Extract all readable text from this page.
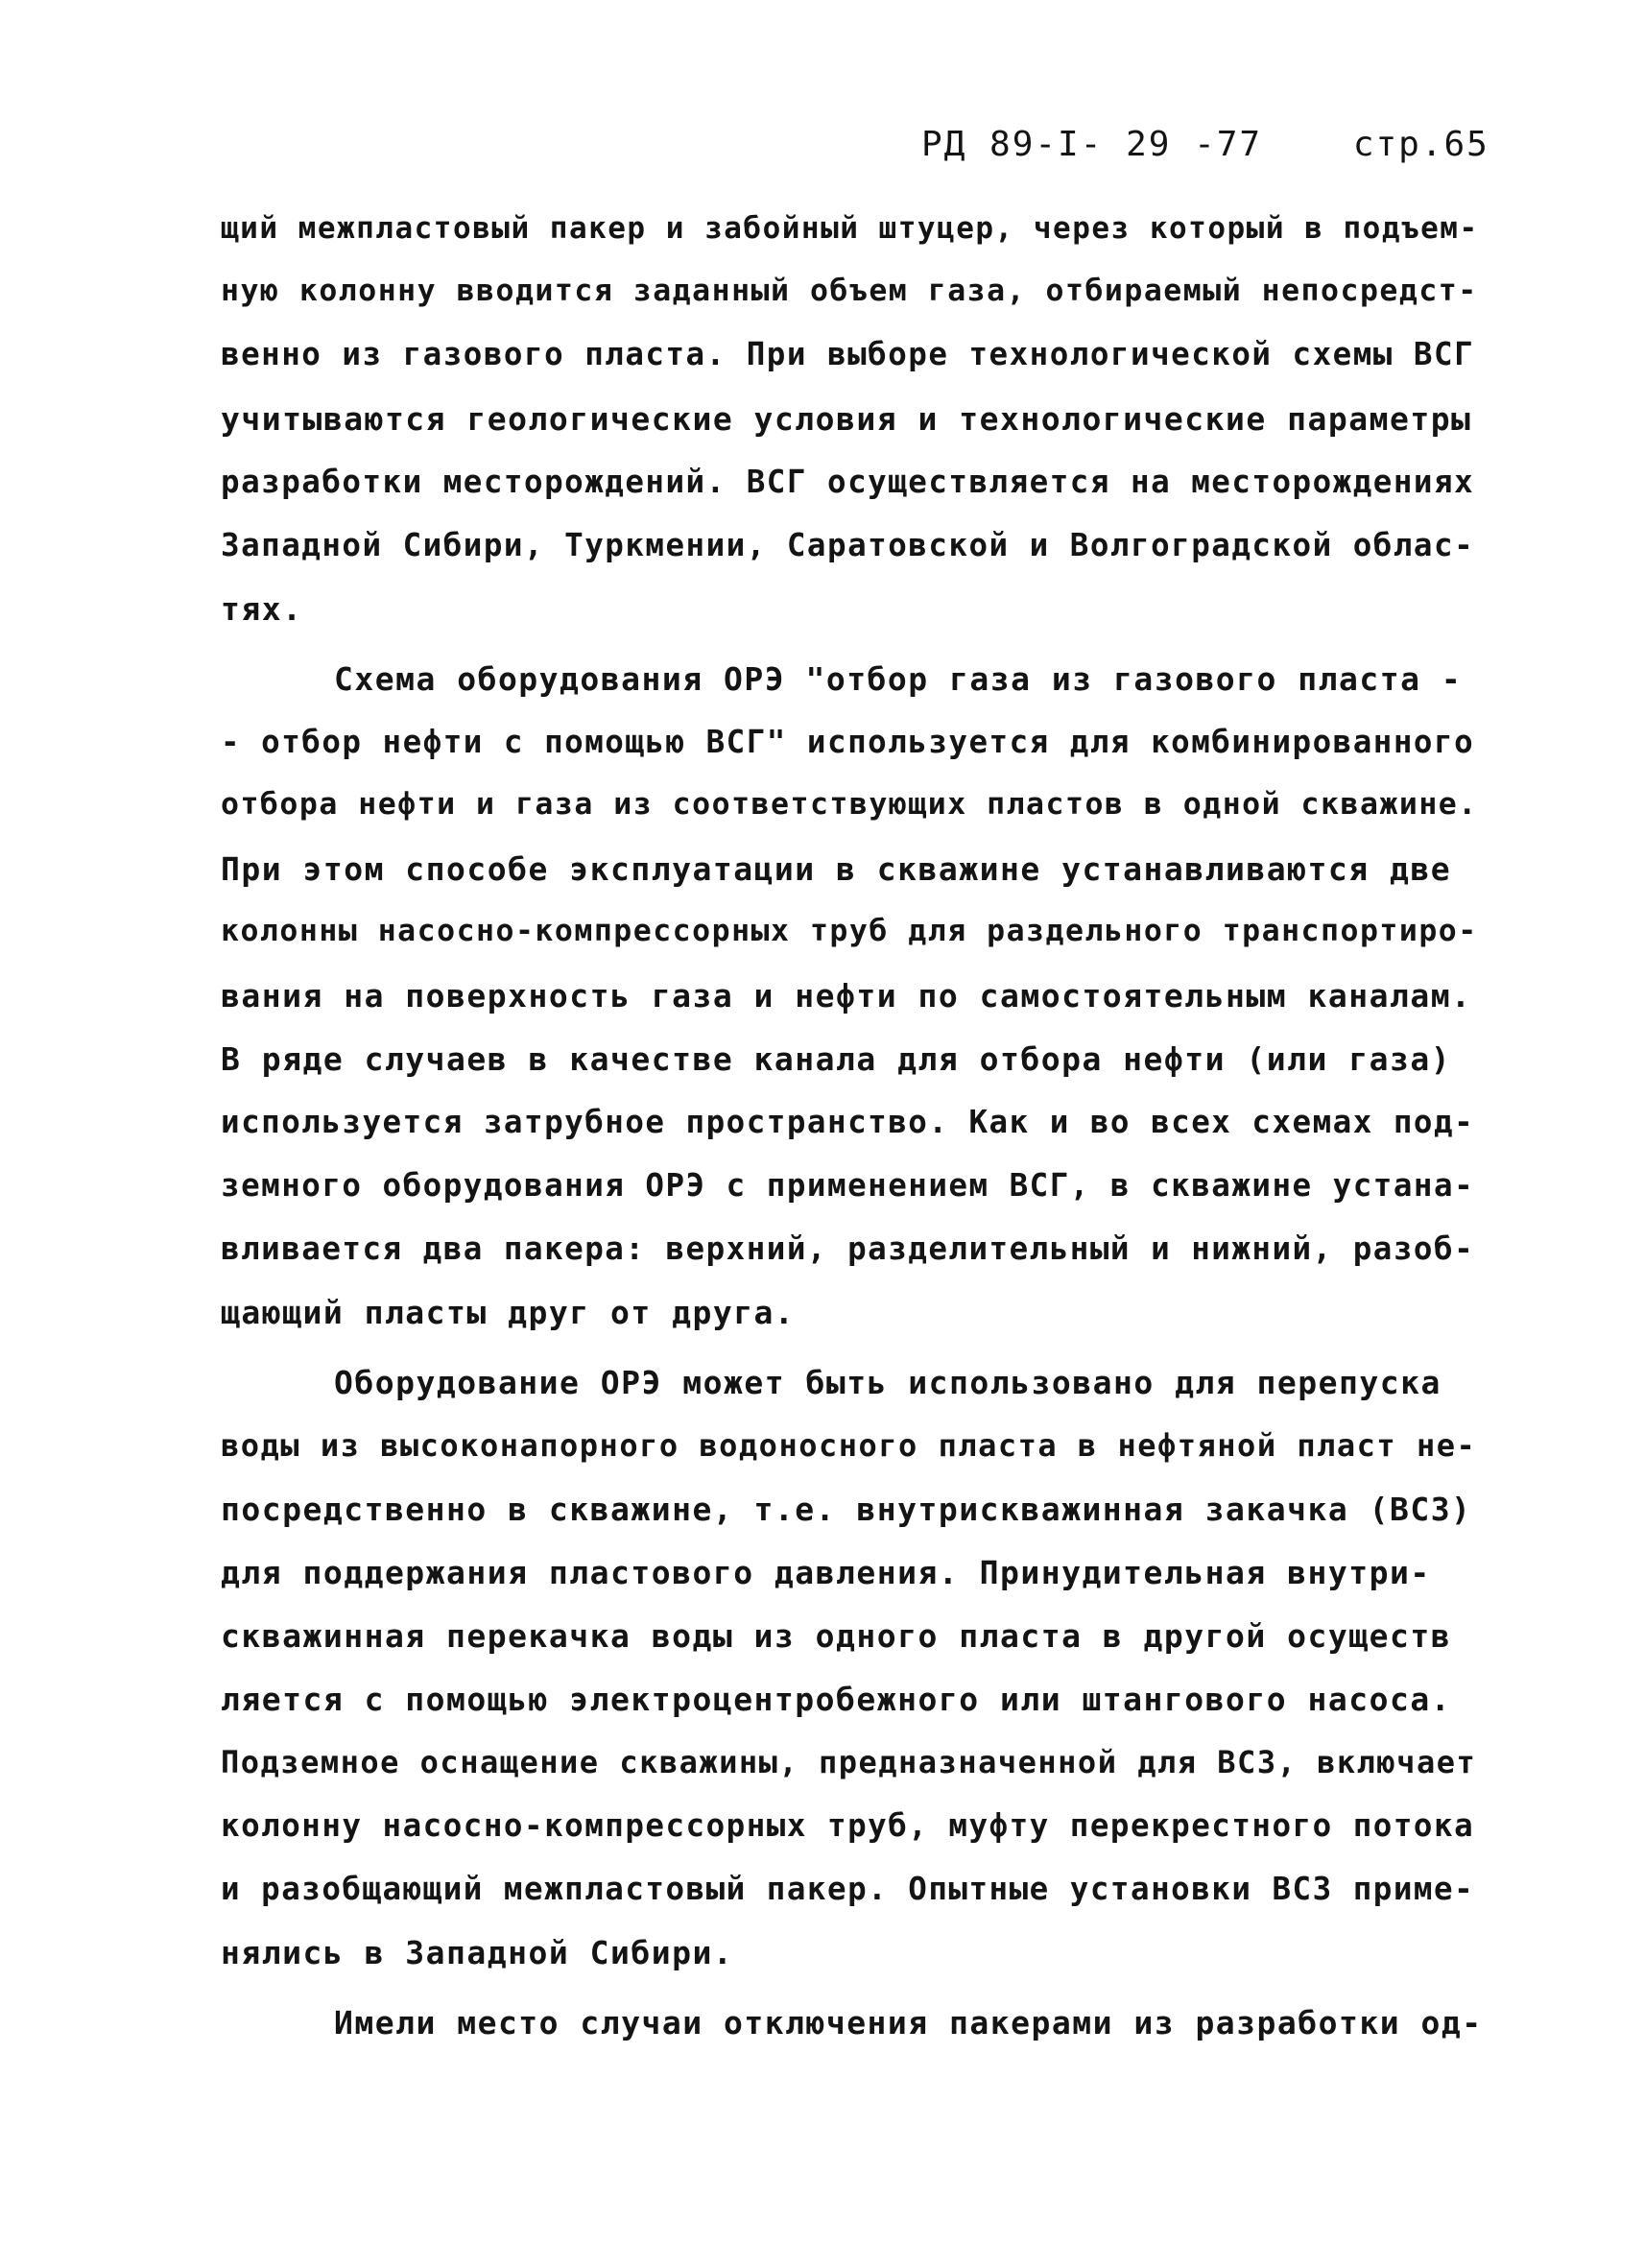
РД 89-I- 29 -77	стр.65
щий межпластовый пакер и забойный штуцер, через который в подъем-
ную колонну вводится заданный объем газа, отбираемый непосредст-
венно из газового пласта. При выборе технологической схемы ВСГ
учитываются геологические условия и технологические параметры
разработки месторождений. ВСГ осуществляется на месторождениях
Западной Сибири, Туркмении, Саратовской и Волгоградской облас-
тях.
Схема оборудования ОРЭ "отбор газа из газового пласта -
- отбор нефти с помощью ВСГ" используется для комбинированного
отбора нефти и газа из соответствующих пластов в одной скважине.
При этом способе эксплуатации в скважине устанавливаются две
колонны насосно-компрессорных труб для раздельного транспортиро-
вания на поверхность газа и нефти по самостоятельным каналам.
В ряде случаев в качестве канала для отбора нефти (или газа)
используется затрубное пространство. Как и во всех схемах под-
земного оборудования ОРЭ с применением ВСГ, в скважине устана-
вливается два пакера: верхний, разделительный и нижний, разоб-
щающий пласты друг от друга.
Оборудование ОРЭ может быть использовано для перепуска
воды из высоконапорного водоносного пласта в нефтяной пласт не-
посредственно в скважине, т.е. внутрискважинная закачка (ВСЗ)
для поддержания пластового давления. Принудительная внутри-
скважинная перекачка воды из одного пласта в другой осуществ
ляется с помощью электроцентробежного или штангового насоса.
Подземное оснащение скважины, предназначенной для ВСЗ, включает
колонну насосно-компрессорных труб, муфту перекрестного потока
и разобщающий межпластовый пакер. Опытные установки ВСЗ приме-
нялись в Западной Сибири.
Имели место случаи отключения пакерами из разработки од-
